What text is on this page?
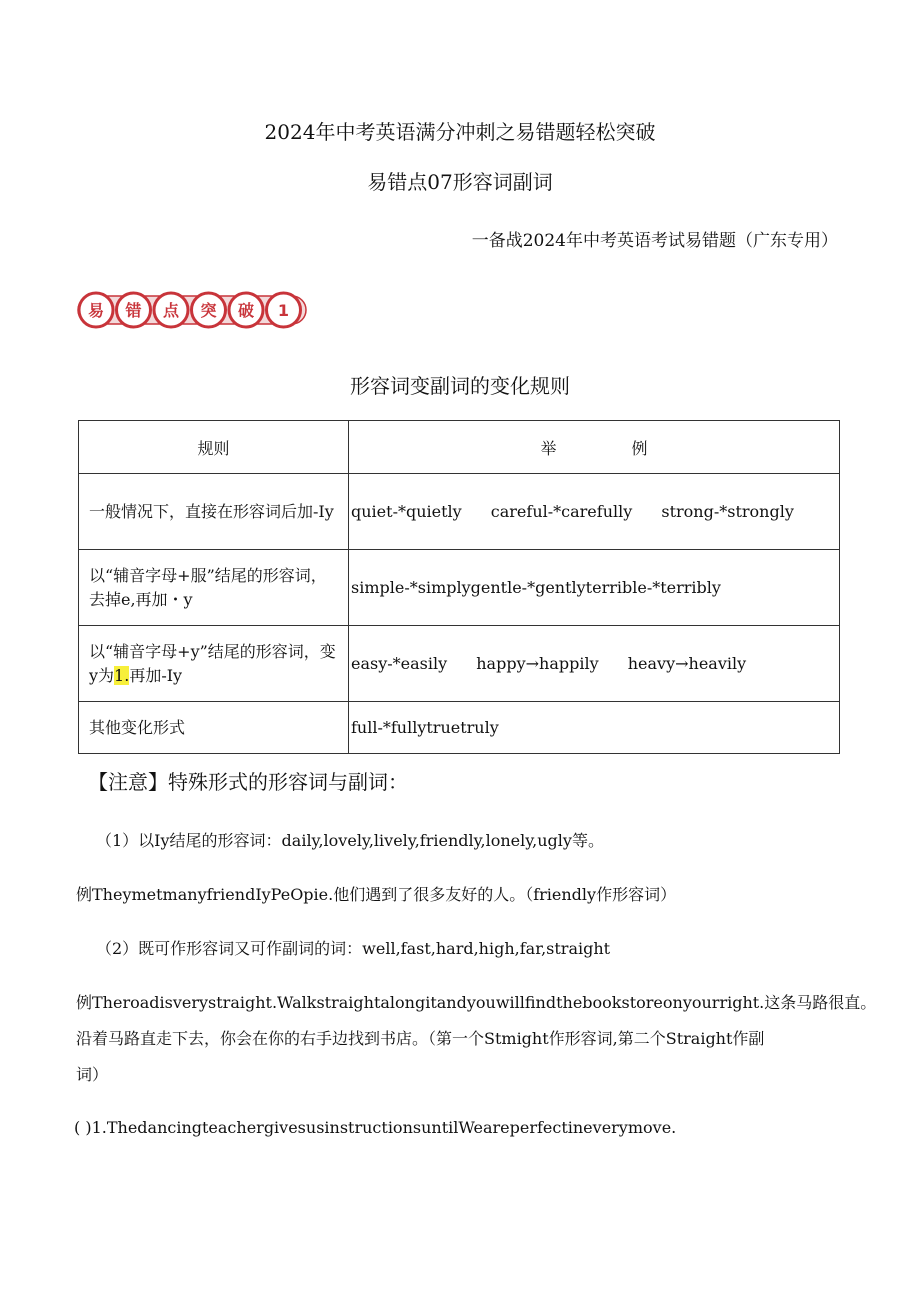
2024年中考英语满分冲刺之易错题轻松突破
易错点07形容词副词
一备战2024年中考英语考试易错题（广东专用）
易 错 点 突 破 1
形容词变副词的变化规则
规则	举 例
一般情况下，直接在形容词后加-Iy	quiet-*quietly careful-*carefully strong-*strongly
以“辅音字母+服”结尾的形容词，去掉e,再加・y	simple-*simplygentle-*gentlyterrible-*terribly
以“辅音字母+y”结尾的形容词，变y为1.再加-Iy	easy-*easily happy→happily heavy→heavily
其他变化形式	full-*fullytruetruly
【注意】特殊形式的形容词与副词：
（1）以Iy结尾的形容词：daily,lovely,lively,friendly,lonely,ugly等。
例TheymetmanyfriendIyPeOpie.他们遇到了很多友好的人。（friendly作形容词）
（2）既可作形容词又可作副词的词：well,fast,hard,high,far,straight
例Theroadisverystraight.Walkstraightalongitandyouwillfindthebookstoreonyourright.这条马路很直。
沿着马路直走下去，你会在你的右手边找到书店。（第一个Stmight作形容词,第二个Straight作副
词）
( )1.ThedancingteachergivesusinstructionsuntilWeareperfectineverymove.
